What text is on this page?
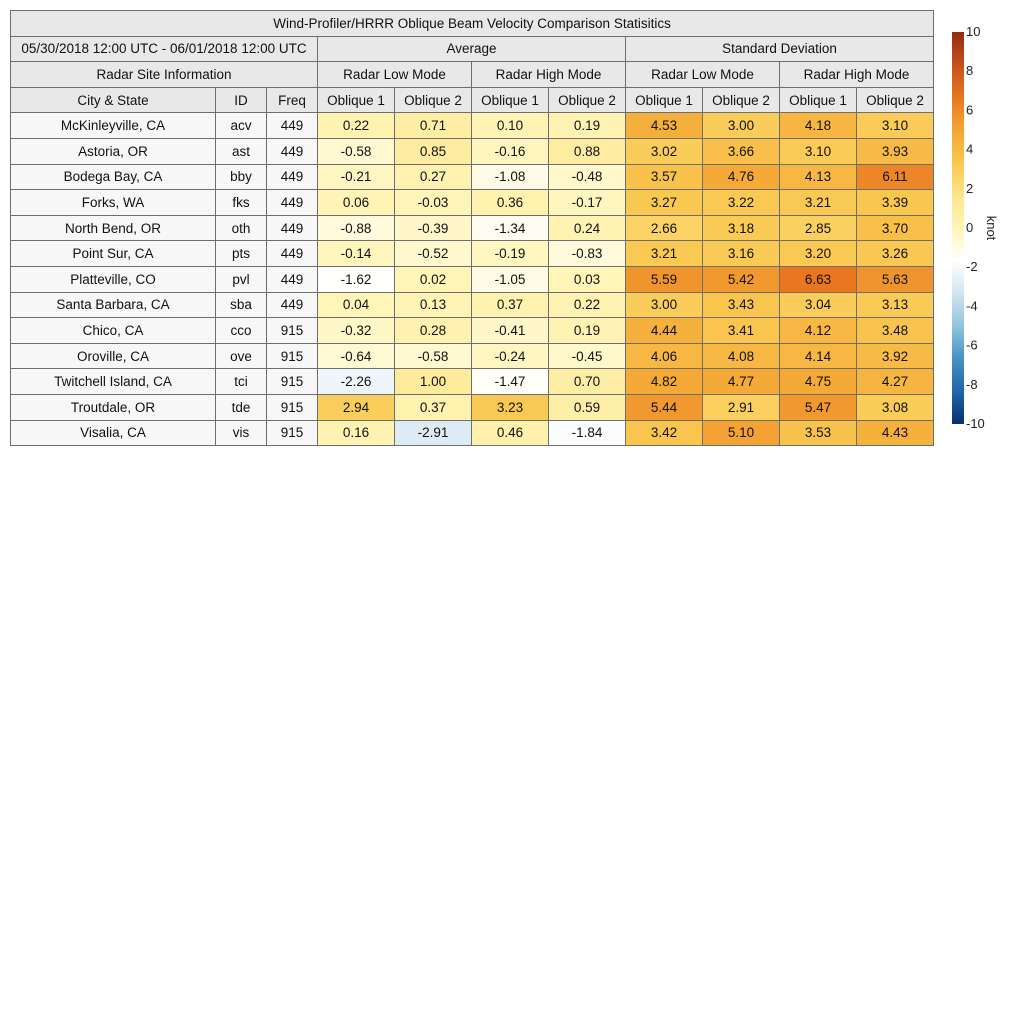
Wind-Profiler/HRRR Oblique Beam Velocity Comparison Statisitics										
05/30/2018 12:00 UTC - 06/01/2018 12:00 UTC			Average				Standard Deviation			
Radar Site Information			Radar Low Mode		Radar High Mode		Radar Low Mode		Radar High Mode	
City & State	ID	Freq	Oblique 1	Oblique 2	Oblique 1	Oblique 2	Oblique 1	Oblique 2	Oblique 1	Oblique 2
McKinleyville, CA	acv	449	0.22	0.71	0.10	0.19	4.53	3.00	4.18	3.10
Astoria, OR	ast	449	-0.58	0.85	-0.16	0.88	3.02	3.66	3.10	3.93
Bodega Bay, CA	bby	449	-0.21	0.27	-1.08	-0.48	3.57	4.76	4.13	6.11
Forks, WA	fks	449	0.06	-0.03	0.36	-0.17	3.27	3.22	3.21	3.39
North Bend, OR	oth	449	-0.88	-0.39	-1.34	0.24	2.66	3.18	2.85	3.70
Point Sur, CA	pts	449	-0.14	-0.52	-0.19	-0.83	3.21	3.16	3.20	3.26
Platteville, CO	pvl	449	-1.62	0.02	-1.05	0.03	5.59	5.42	6.63	5.63
Santa Barbara, CA	sba	449	0.04	0.13	0.37	0.22	3.00	3.43	3.04	3.13
Chico, CA	cco	915	-0.32	0.28	-0.41	0.19	4.44	3.41	4.12	3.48
Oroville, CA	ove	915	-0.64	-0.58	-0.24	-0.45	4.06	4.08	4.14	3.92
Twitchell Island, CA	tci	915	-2.26	1.00	-1.47	0.70	4.82	4.77	4.75	4.27
Troutdale, OR	tde	915	2.94	0.37	3.23	0.59	5.44	2.91	5.47	3.08
Visalia, CA	vis	915	0.16	-2.91	0.46	-1.84	3.42	5.10	3.53	4.43
10
8
6
4
2
0
-2
-4
-6
-8
-10
knot
